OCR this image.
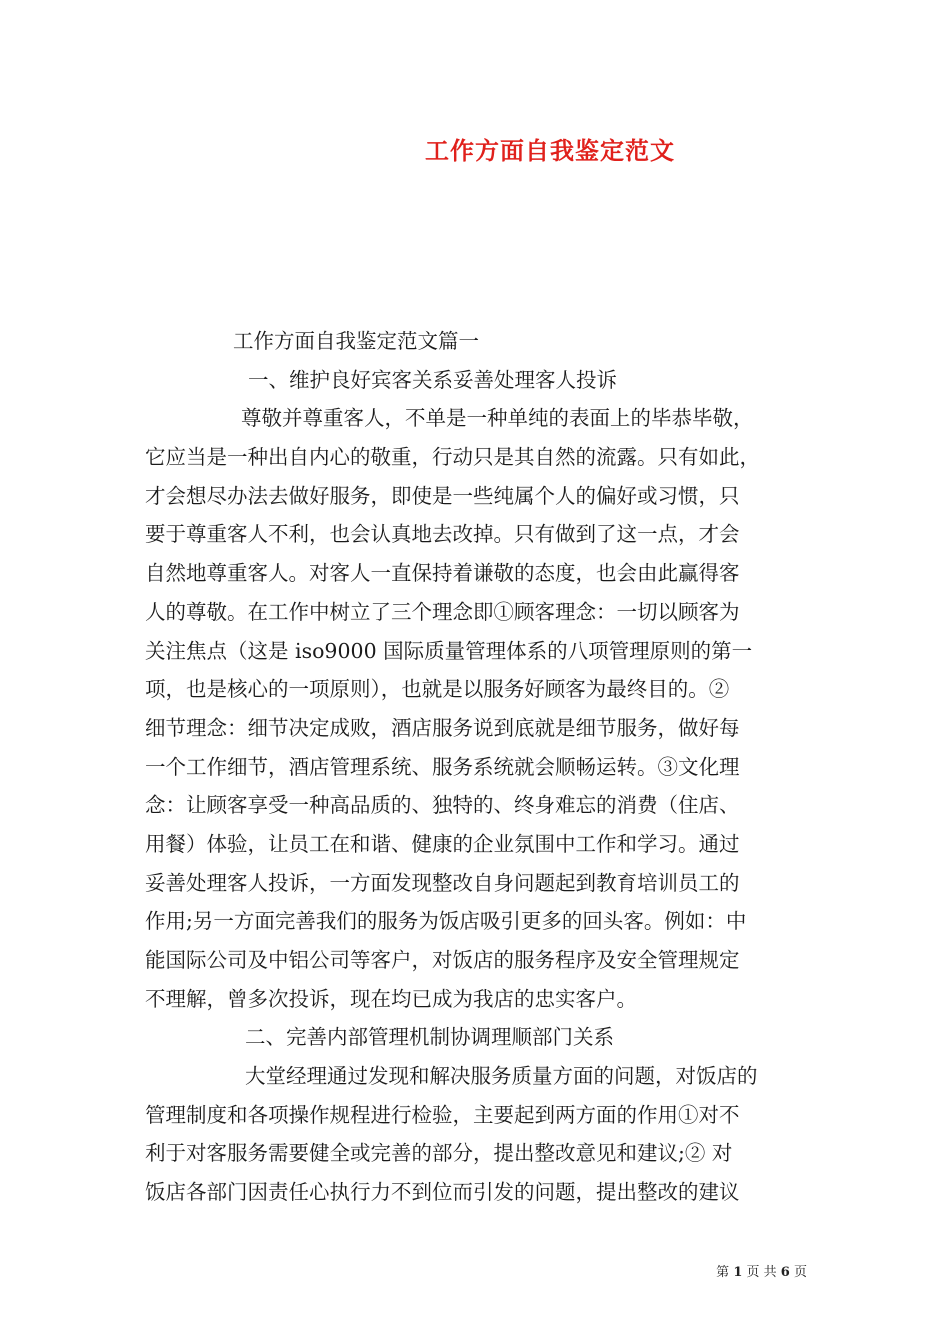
工作方面自我鉴定范文
工作方面自我鉴定范文篇一
一、维护良好宾客关系妥善处理客人投诉
尊敬并尊重客人，不单是一种单纯的表面上的毕恭毕敬，
它应当是一种出自内心的敬重，行动只是其自然的流露。只有如此，
才会想尽办法去做好服务，即使是一些纯属个人的偏好或习惯，只
要于尊重客人不利，也会认真地去改掉。只有做到了这一点，才会
自然地尊重客人。对客人一直保持着谦敬的态度，也会由此赢得客
人的尊敬。在工作中树立了三个理念即①顾客理念：一切以顾客为
关注焦点（这是 iso9000 国际质量管理体系的八项管理原则的第一
项，也是核心的一项原则），也就是以服务好顾客为最终目的。②
细节理念：细节决定成败，酒店服务说到底就是细节服务，做好每
一个工作细节，酒店管理系统、服务系统就会顺畅运转。③文化理
念：让顾客享受一种高品质的、独特的、终身难忘的消费（住店、
用餐）体验，让员工在和谐、健康的企业氛围中工作和学习。通过
妥善处理客人投诉，一方面发现整改自身问题起到教育培训员工的
作用;另一方面完善我们的服务为饭店吸引更多的回头客。例如：中
能国际公司及中铝公司等客户，对饭店的服务程序及安全管理规定
不理解，曾多次投诉，现在均已成为我店的忠实客户。
二、完善内部管理机制协调理顺部门关系
大堂经理通过发现和解决服务质量方面的问题，对饭店的
管理制度和各项操作规程进行检验，主要起到两方面的作用①对不
利于对客服务需要健全或完善的部分，提出整改意见和建议;② 对
饭店各部门因责任心执行力不到位而引发的问题，提出整改的建议
第 1 页 共 6 页
